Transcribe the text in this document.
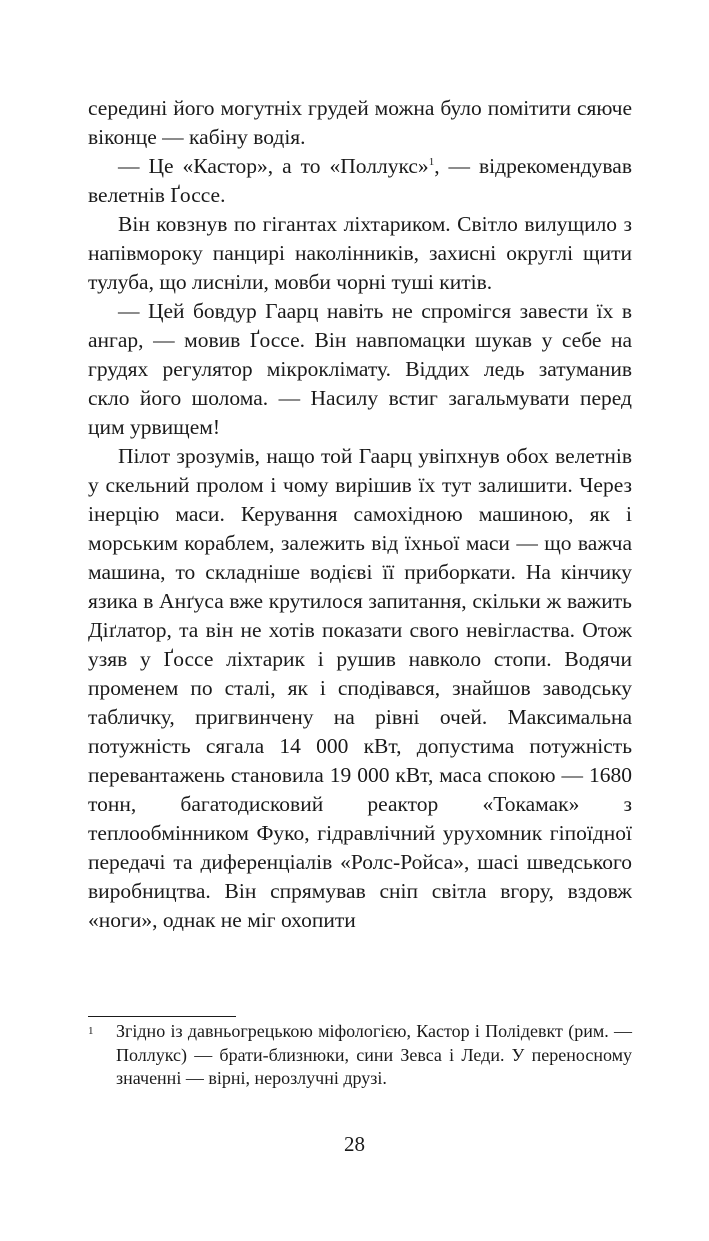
середині його могутніх грудей можна було помітити сяюче віконце — кабіну водія.

— Це «Кастор», а то «Поллукс»$^1$, — відрекомендував велетнів Ґоссе.

Він ковзнув по гігантах ліхтариком. Світло вилущило з напівмороку панцирі наколінників, захисні округлі щити тулуба, що лисніли, мовби чорні туші китів.

— Цей бовдур Гаарц навіть не спромігся завести їх в ангар, — мовив Ґоссе. Він навпомацки шукав у себе на грудях регулятор мікроклімату. Віддих ледь затуманив скло його шолома. — Насилу встиг загальмувати перед цим урвищем!

Пілот зрозумів, нащо той Гаарц увіпхнув обох велетнів у скельний пролом і чому вирішив їх тут залишити. Через інерцію маси. Керування самохідною машиною, як і морським кораблем, залежить від їхньої маси — що важча машина, то складніше водієві її приборкати. На кінчику язика в Анґуса вже крутилося запитання, скільки ж важить Діґлатор, та він не хотів показати свого невігластва. Отож узяв у Ґоссе ліхтарик і рушив навколо стопи. Водячи променем по сталі, як і сподівався, знайшов заводську табличку, пригвинчену на рівні очей. Максимальна потужність сягала 14 000 кВт, допустима потужність перевантажень становила 19 000 кВт, маса спокою — 1680 тонн, багатодисковий реактор «Токамак» з теплообмінником Фуко, гідравлічний урухомник гіпоїдної передачі та диференціалів «Ролс-Ройса», шасі шведського виробництва. Він спрямував сніп світла вгору, вздовж «ноги», однак не міг охопити

1	Згідно із давньогрецькою міфологією, Кастор і Полідевкт (рим. — Поллукс) — брати-близнюки, сини Зевса і Леди. У переносному значенні — вірні, нерозлучні друзі.
28
